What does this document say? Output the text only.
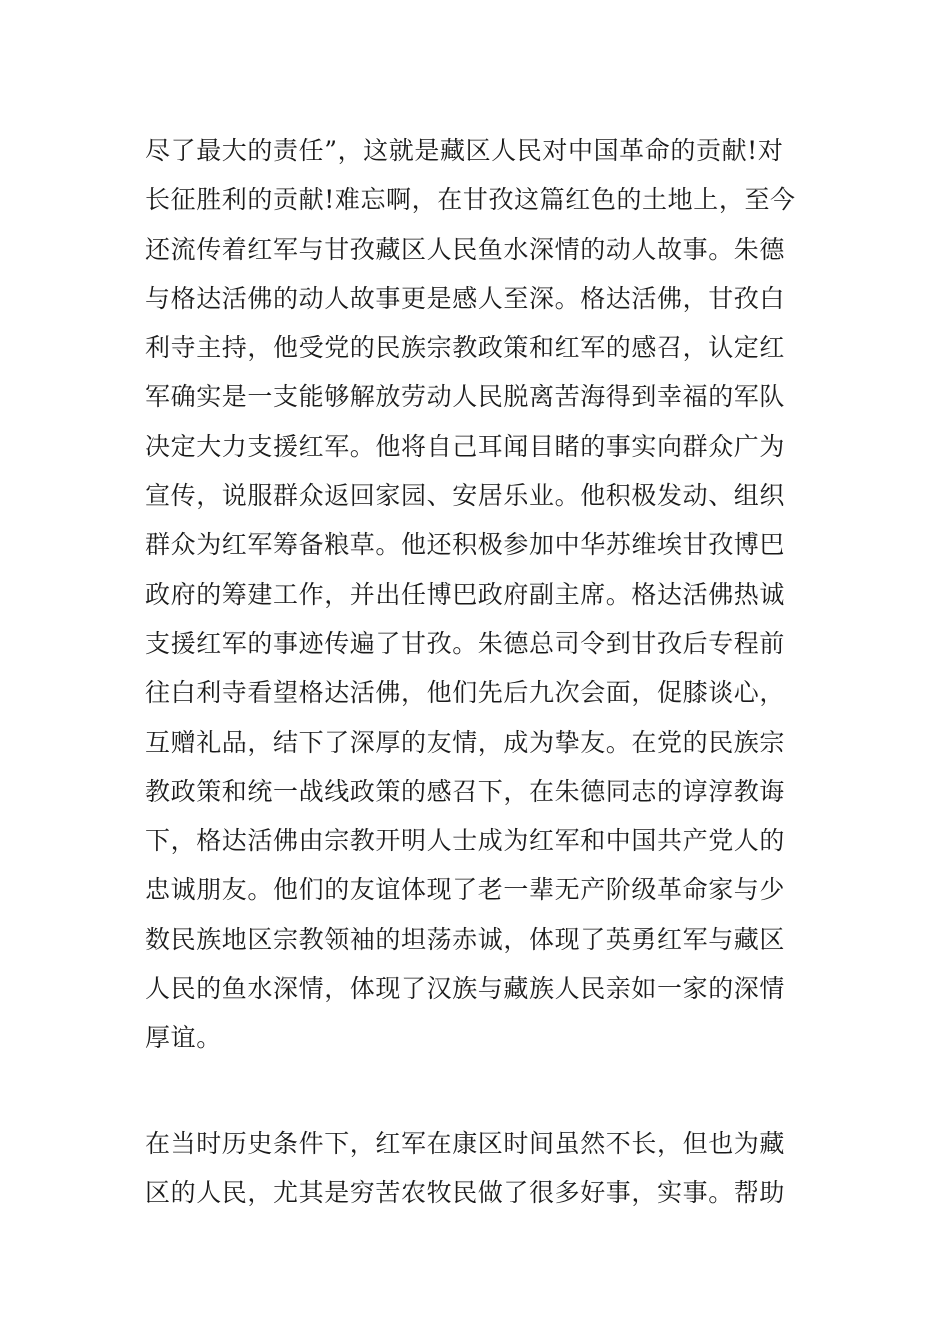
尽了最大的责任”，这就是藏区人民对中国革命的贡献!对
长征胜利的贡献!难忘啊，在甘孜这篇红色的土地上，至今
还流传着红军与甘孜藏区人民鱼水深情的动人故事。朱德
与格达活佛的动人故事更是感人至深。格达活佛，甘孜白
利寺主持，他受党的民族宗教政策和红军的感召，认定红
军确实是一支能够解放劳动人民脱离苦海得到幸福的军队
决定大力支援红军。他将自己耳闻目睹的事实向群众广为
宣传，说服群众返回家园、安居乐业。他积极发动、组织
群众为红军筹备粮草。他还积极参加中华苏维埃甘孜博巴
政府的筹建工作，并出任博巴政府副主席。格达活佛热诚
支援红军的事迹传遍了甘孜。朱德总司令到甘孜后专程前
往白利寺看望格达活佛，他们先后九次会面，促膝谈心，
互赠礼品，结下了深厚的友情，成为挚友。在党的民族宗
教政策和统一战线政策的感召下，在朱德同志的谆淳教诲
下，格达活佛由宗教开明人士成为红军和中国共产党人的
忠诚朋友。他们的友谊体现了老一辈无产阶级革命家与少
数民族地区宗教领袖的坦荡赤诚，体现了英勇红军与藏区
人民的鱼水深情，体现了汉族与藏族人民亲如一家的深情
厚谊。
在当时历史条件下，红军在康区时间虽然不长，但也为藏
区的人民，尤其是穷苦农牧民做了很多好事，实事。帮助
